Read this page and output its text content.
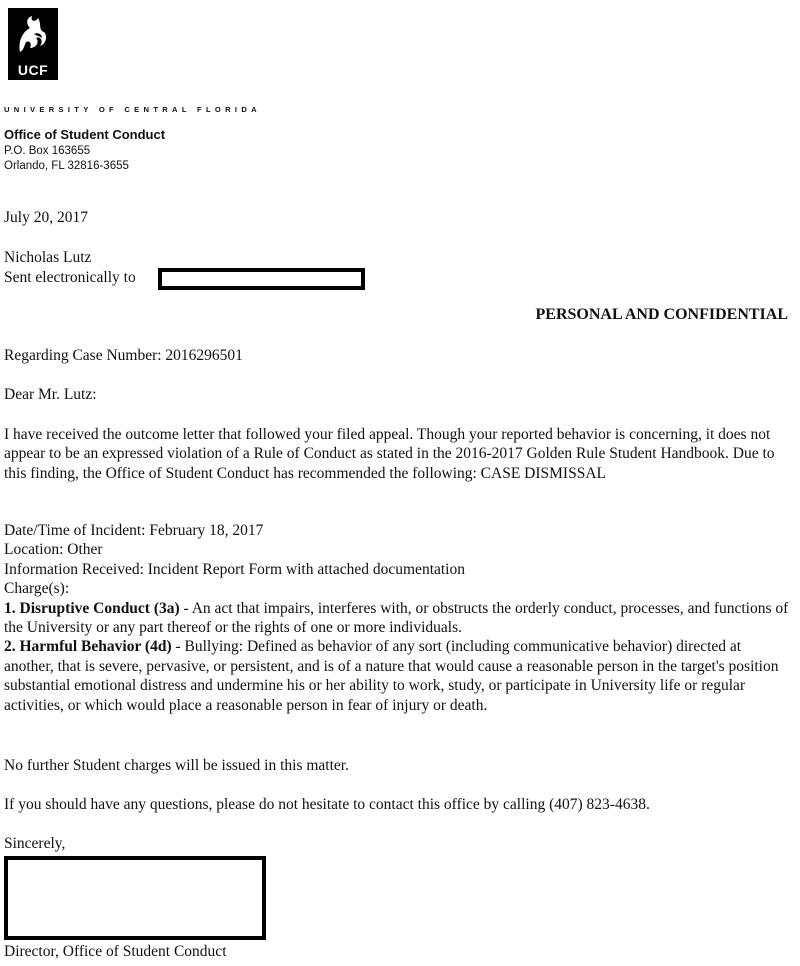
UCF
UNIVERSITY OF CENTRAL FLORIDA
Office of Student Conduct
P.O. Box 163655
Orlando, FL 32816-3655
July 20, 2017
Nicholas Lutz
Sent electronically to
PERSONAL AND CONFIDENTIAL
Regarding Case Number: 2016296501
Dear Mr. Lutz:

I have received the outcome letter that followed your filed appeal. Though your reported behavior is concerning, it does not appear to be an expressed violation of a Rule of Conduct as stated in the 2016-2017 Golden Rule Student Handbook. Due to this finding, the Office of Student Conduct has recommended the following: CASE DISMISSAL

Date/Time of Incident: February 18, 2017

Location: Other

Information Received: Incident Report Form with attached documentation

Charge(s):

1. Disruptive Conduct (3a) - An act that impairs, interferes with, or obstructs the orderly conduct, processes, and functions of the University or any part thereof or the rights of one or more individuals.

2. Harmful Behavior (4d) - Bullying: Defined as behavior of any sort (including communicative behavior) directed at another, that is severe, pervasive, or persistent, and is of a nature that would cause a reasonable person in the target's position substantial emotional distress and undermine his or her ability to work, study, or participate in University life or regular activities, or which would place a reasonable person in fear of injury or death.

No further Student charges will be issued in this matter.
If you should have any questions, please do not hesitate to contact this office by calling (407) 823-4638.
Sincerely,
Director, Office of Student Conduct
